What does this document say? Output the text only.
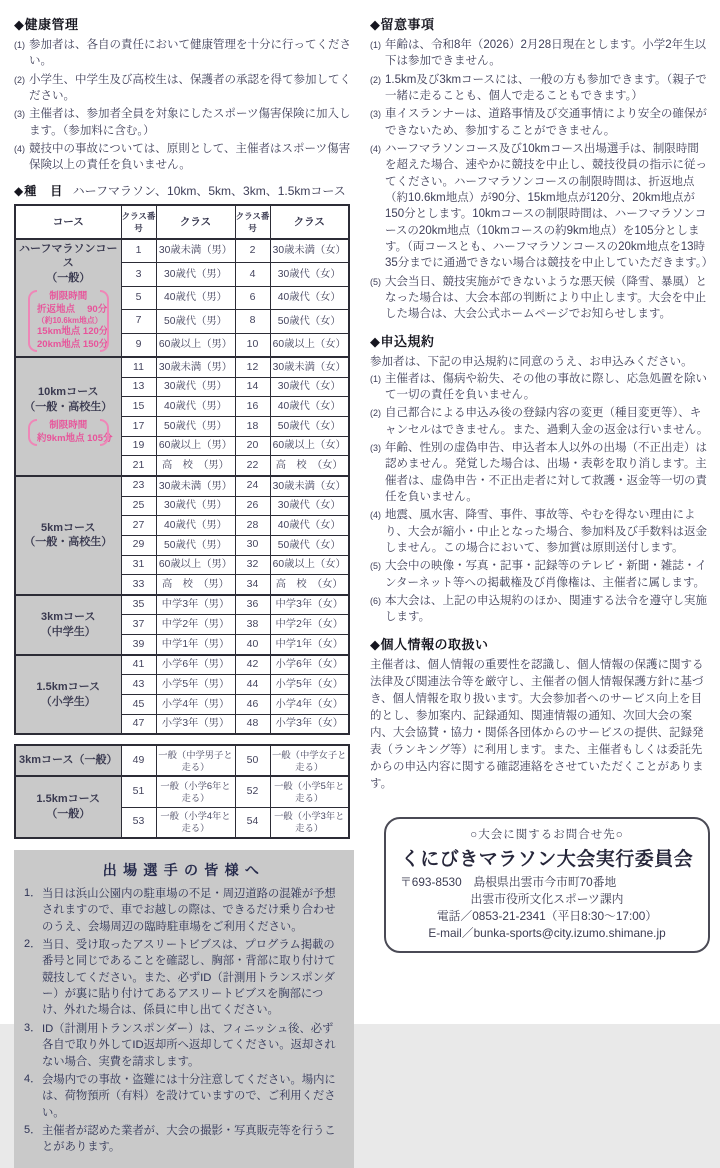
◆健康管理
(1) 参加者は、各自の責任において健康管理を十分に行ってください。
(2) 小学生、中学生及び高校生は、保護者の承認を得て参加してください。
(3) 主催者は、参加者全員を対象にしたスポーツ傷害保険に加入します。（参加料に含む。）
(4) 競技中の事故については、原則として、主催者はスポーツ傷害保険以上の責任を負いません。
◆種　目 ハーフマラソン、10km、5km、3km、1.5kmコース
コース	クラス番号	クラス	クラス番号	クラス

ハーフマラソンコース
（一般）
制限時間
折返地点　 90分
（約10.6km地点）
15km地点 120分
20km地点 150分
	1	30歳未満（男）	2	30歳未満（女）
	3	30歳代（男）	4	30歳代（女）
	5	40歳代（男）	6	40歳代（女）
	7	50歳代（男）	8	50歳代（女）
	9	60歳以上（男）	10	60歳以上（女）

10kmコース
（一般・高校生）
制限時間
約9km地点 105分	11	30歳未満（男）	12	30歳未満（女）
	13	30歳代（男）	14	30歳代（女）
	15	40歳代（男）	16	40歳代（女）
	17	50歳代（男）	18	50歳代（女）
	19	60歳以上（男）	20	60歳以上（女）
	21	高　校　（男）	22	高　校　（女）

5kmコース
（一般・高校生）	23	30歳未満（男）	24	30歳未満（女）
	25	30歳代（男）	26	30歳代（女）
	27	40歳代（男）	28	40歳代（女）
	29	50歳代（男）	30	50歳代（女）
	31	60歳以上（男）	32	60歳以上（女）
	33	高　校　（男）	34	高　校　（女）

3kmコース
（中学生）	35	中学3年（男）	36	中学3年（女）
	37	中学2年（男）	38	中学2年（女）
	39	中学1年（男）	40	中学1年（女）

1.5kmコース
（小学生）	41	小学6年（男）	42	小学6年（女）
	43	小学5年（男）	44	小学5年（女）
	45	小学4年（男）	46	小学4年（女）
	47	小学3年（男）	48	小学3年（女）
3kmコース（一般）	49	一般（中学男子と走る）	50	一般（中学女子と走る）

1.5kmコース
（一般）	51	一般（小学6年と走る）	52	一般（小学5年と走る）
	53	一般（小学4年と走る）	54	一般（小学3年と走る）
出場選手の皆様へ
1． 当日は浜山公園内の駐車場の不足・周辺道路の混雑が予想されますので、車でお越しの際は、できるだけ乗り合わせのうえ、会場周辺の臨時駐車場をご利用ください。
2． 当日、受け取ったアスリートビブスは、プログラム掲載の番号と同じであることを確認し、胸部・背部に取り付けて競技してください。また、必ずID（計測用トランスポンダー）が裏に貼り付けてあるアスリートビブスを胸部につけ、外れた場合は、係員に申し出てください。
3． ID（計測用トランスポンダー）は、フィニッシュ後、必ず各自で取り外してID返却所へ返却してください。返却されない場合、実費を請求します。
4． 会場内での事故・盗難には十分注意してください。場内には、荷物預所（有料）を設けていますので、ご利用ください。
5． 主催者が認めた業者が、大会の撮影・写真販売等を行うことがあります。
◆留意事項
(1) 年齢は、令和8年（2026）2月28日現在とします。小学2年生以下は参加できません。
(2) 1.5km及び3kmコースには、一般の方も参加できます。（親子で一緒に走ることも、個人で走ることもできます。）
(3) 車イスランナーは、道路事情及び交通事情により安全の確保ができないため、参加することができません。
(4) ハーフマラソンコース及び10kmコース出場選手は、制限時間を超えた場合、速やかに競技を中止し、競技役員の指示に従ってください。ハーフマラソンコースの制限時間は、折返地点（約10.6km地点）が90分、15km地点が120分、20km地点が150分とします。10kmコースの制限時間は、ハーフマラソンコースの20km地点（10kmコースの約9km地点）を105分とします。（両コースとも、ハーフマラソンコースの20km地点を13時35分までに通過できない場合は競技を中止していただきます。）
(5) 大会当日、競技実施ができないような悪天候（降雪、暴風）となった場合は、大会本部の判断により中止します。大会を中止した場合は、大会公式ホームページでお知らせします。
◆申込規約

参加者は、下記の申込規約に同意のうえ、お申込みください。

(1) 主催者は、傷病や紛失、その他の事故に際し、応急処置を除いて一切の責任を負いません。
(2) 自己都合による申込み後の登録内容の変更（種目変更等）、キャンセルはできません。また、過剰入金の返金は行いません。
(3) 年齢、性別の虚偽申告、申込者本人以外の出場（不正出走）は認めません。発覚した場合は、出場・表彰を取り消します。主催者は、虚偽申告・不正出走者に対して救護・返金等一切の責任を負いません。
(4) 地震、風水害、降雪、事件、事故等、やむを得ない理由により、大会が縮小・中止となった場合、参加料及び手数料は返金しません。この場合において、参加賞は原則送付します。
(5) 大会中の映像・写真・記事・記録等のテレビ・新聞・雑誌・インターネット等への掲載権及び肖像権は、主催者に属します。
(6) 本大会は、上記の申込規約のほか、関連する法令を遵守し実施します。
◆個人情報の取扱い

主催者は、個人情報の重要性を認識し、個人情報の保護に関する法律及び関連法令等を厳守し、主催者の個人情報保護方針に基づき、個人情報を取り扱います。大会参加者へのサービス向上を目的とし、参加案内、記録通知、関連情報の通知、次回大会の案内、大会協賛・協力・関係各団体からのサービスの提供、記録発表（ランキング等）に利用します。また、主催者もしくは委託先からの申込内容に関する確認連絡をさせていただくことがあります。

○大会に関するお問合せ先○
くにびきマラソン大会実行委員会
〒693-8530　島根県出雲市今市町70番地
出雲市役所文化スポーツ課内
電話／0853-21-2341（平日8:30〜17:00）
E-mail／bunka-sports@city.izumo.shimane.jp
